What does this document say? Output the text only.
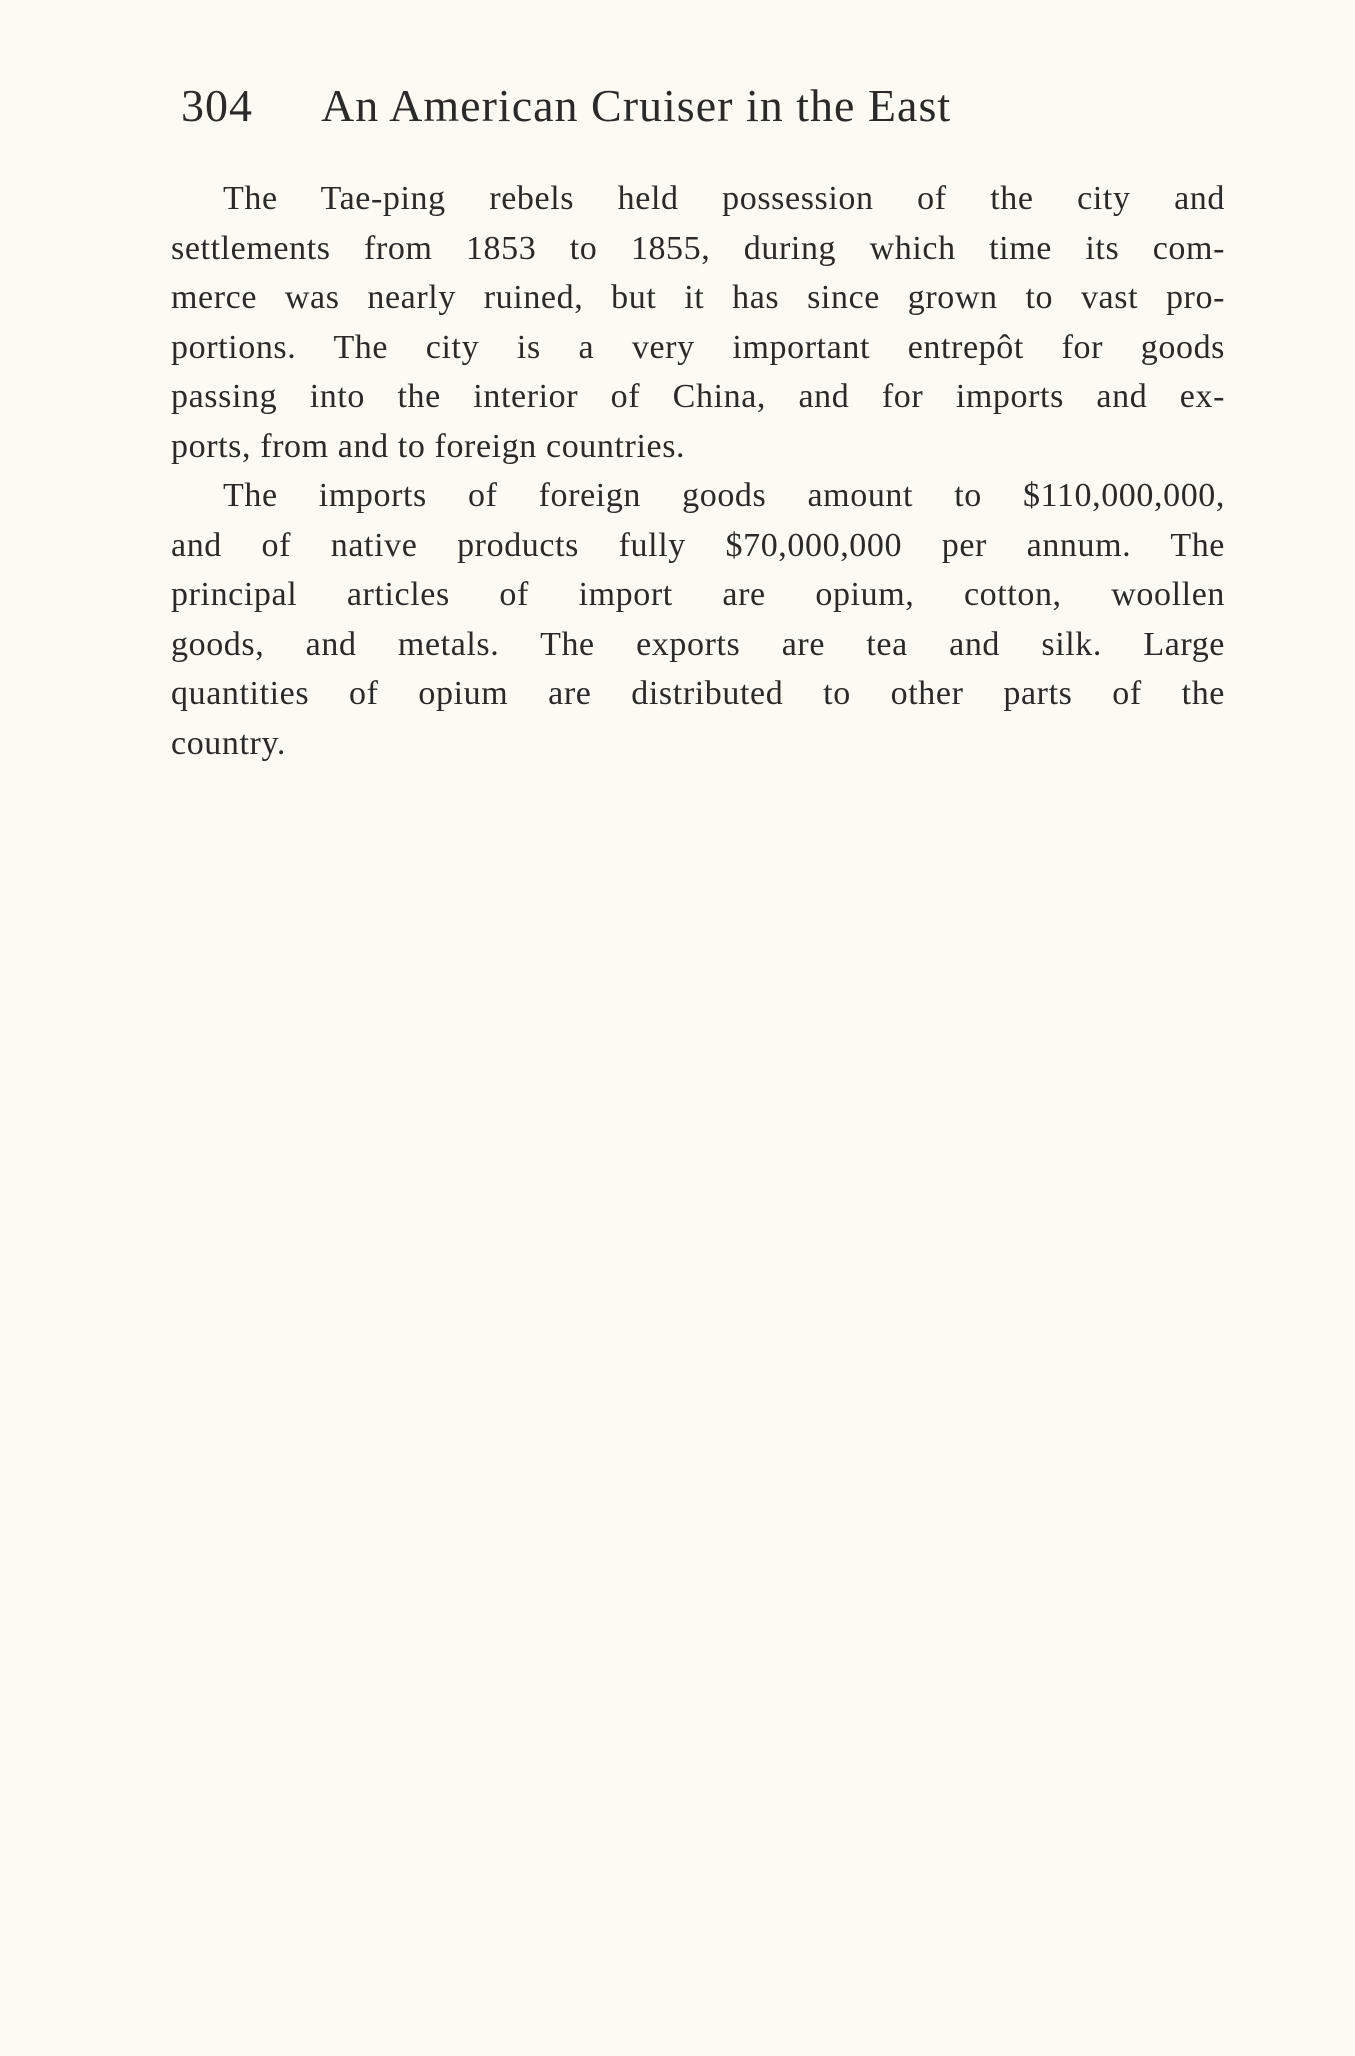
304 An American Cruiser in the East
The Tae-ping rebels held possession of the city and
settlements from 1853 to 1855, during which time its com-
merce was nearly ruined, but it has since grown to vast pro-
portions. The city is a very important entrepôt for goods
passing into the interior of China, and for imports and ex-
ports, from and to foreign countries.
The imports of foreign goods amount to $110,000,000,
and of native products fully $70,000,000 per annum. The
principal articles of import are opium, cotton, woollen
goods, and metals. The exports are tea and silk. Large
quantities of opium are distributed to other parts of the
country.
